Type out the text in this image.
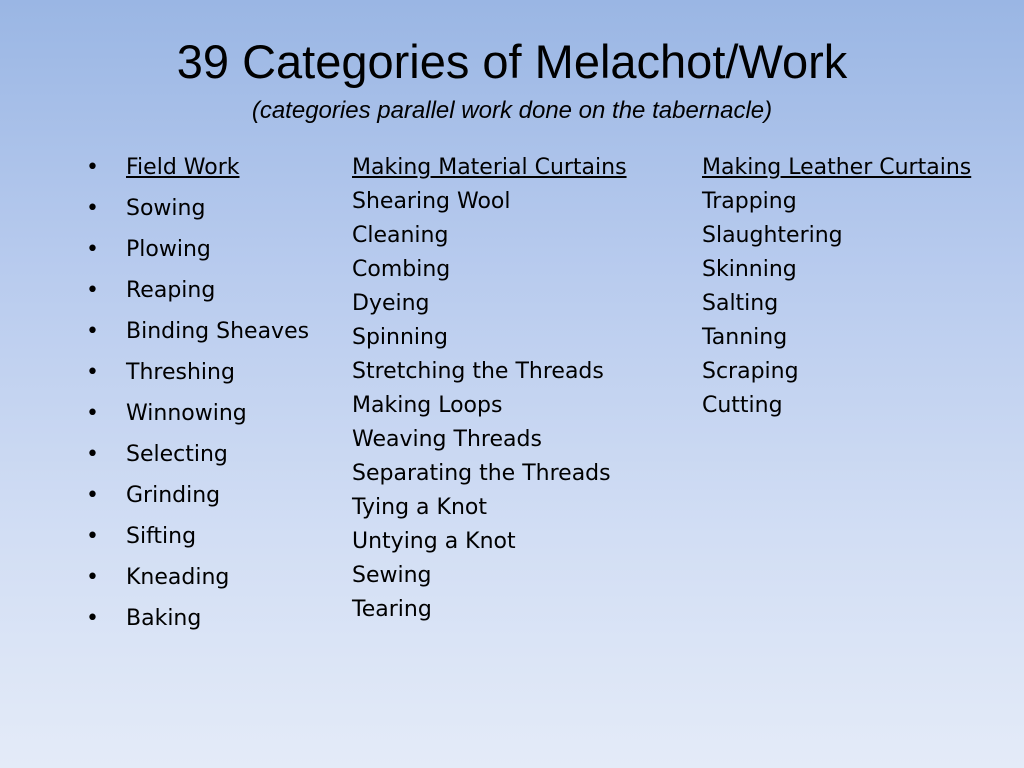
39 Categories of Melachot/Work
(categories parallel work done on the tabernacle)
•	Field Work
•	Sowing
•	Plowing
•	Reaping
•	Binding Sheaves
•	Threshing
•	Winnowing
•	Selecting
•	Grinding
•	Sifting
•	Kneading
•	Baking
Making Material Curtains
Shearing Wool
Cleaning
Combing
Dyeing
Spinning
Stretching the Threads
Making Loops
Weaving Threads
Separating the Threads
Tying a Knot
Untying a Knot
Sewing
Tearing
Making Leather Curtains
Trapping
Slaughtering
Skinning
Salting
Tanning
Scraping
Cutting
